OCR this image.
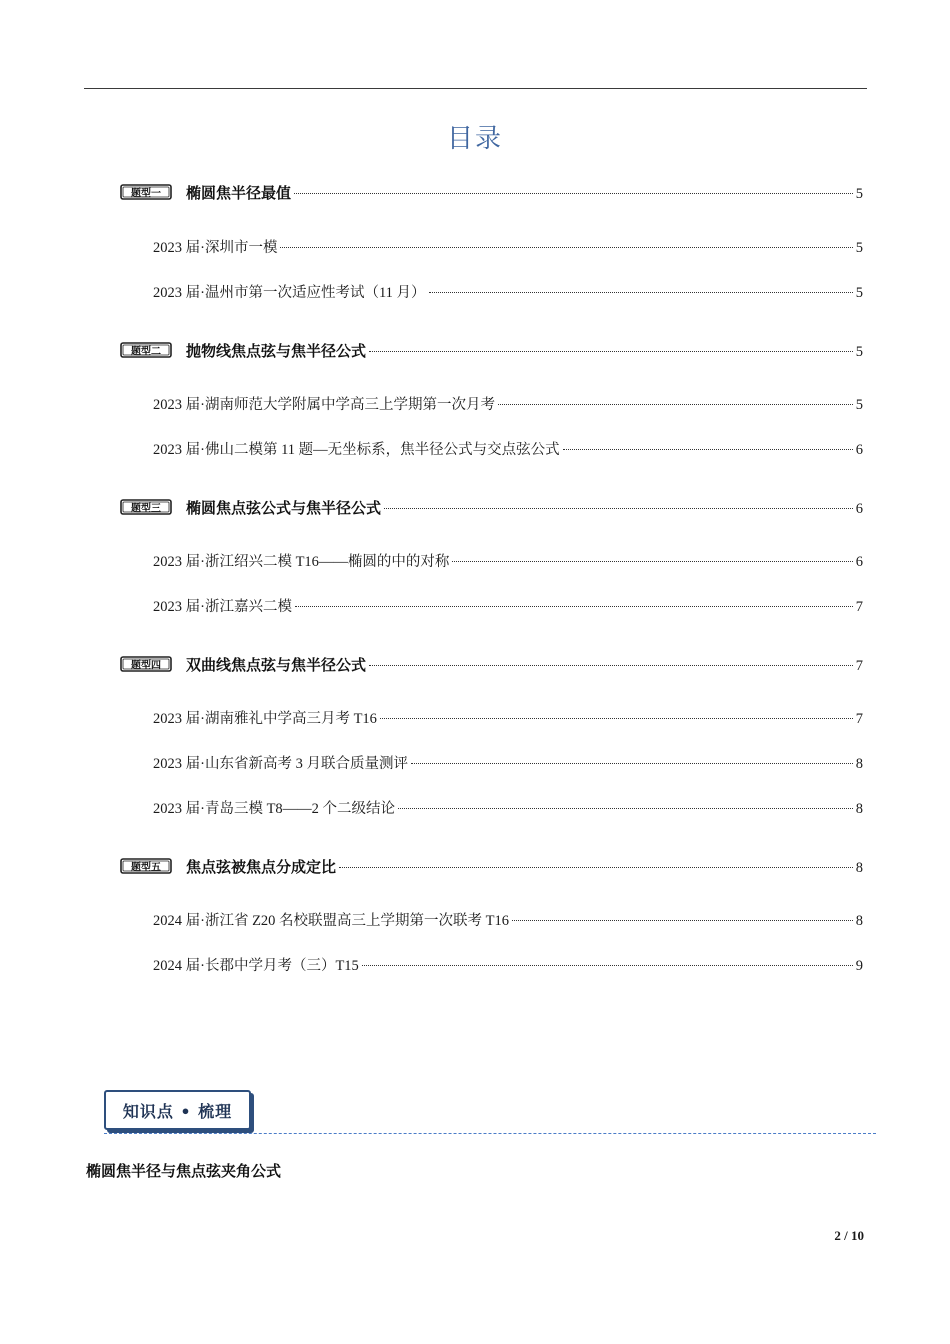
目录
题型一 椭圆焦半径最值	5
2023 届·深圳市一模	5
2023 届·温州市第一次适应性考试（11 月）	5
题型二 抛物线焦点弦与焦半径公式	5
2023 届·湖南师范大学附属中学高三上学期第一次月考	5
2023 届·佛山二模第 11 题—无坐标系，焦半径公式与交点弦公式	6
题型三 椭圆焦点弦公式与焦半径公式	6
2023 届·浙江绍兴二模 T16——椭圆的中的对称	6
2023 届·浙江嘉兴二模	7
题型四 双曲线焦点弦与焦半径公式	7
2023 届·湖南雅礼中学高三月考 T16	7
2023 届·山东省新高考 3 月联合质量测评	8
2023 届·青岛三模 T8——2 个二级结论	8
题型五 焦点弦被焦点分成定比	8
2024 届·浙江省 Z20 名校联盟高三上学期第一次联考 T16	8
2024 届·长郡中学月考（三）T15	9
知识点 • 梳理
椭圆焦半径与焦点弦夹角公式
2 / 10
